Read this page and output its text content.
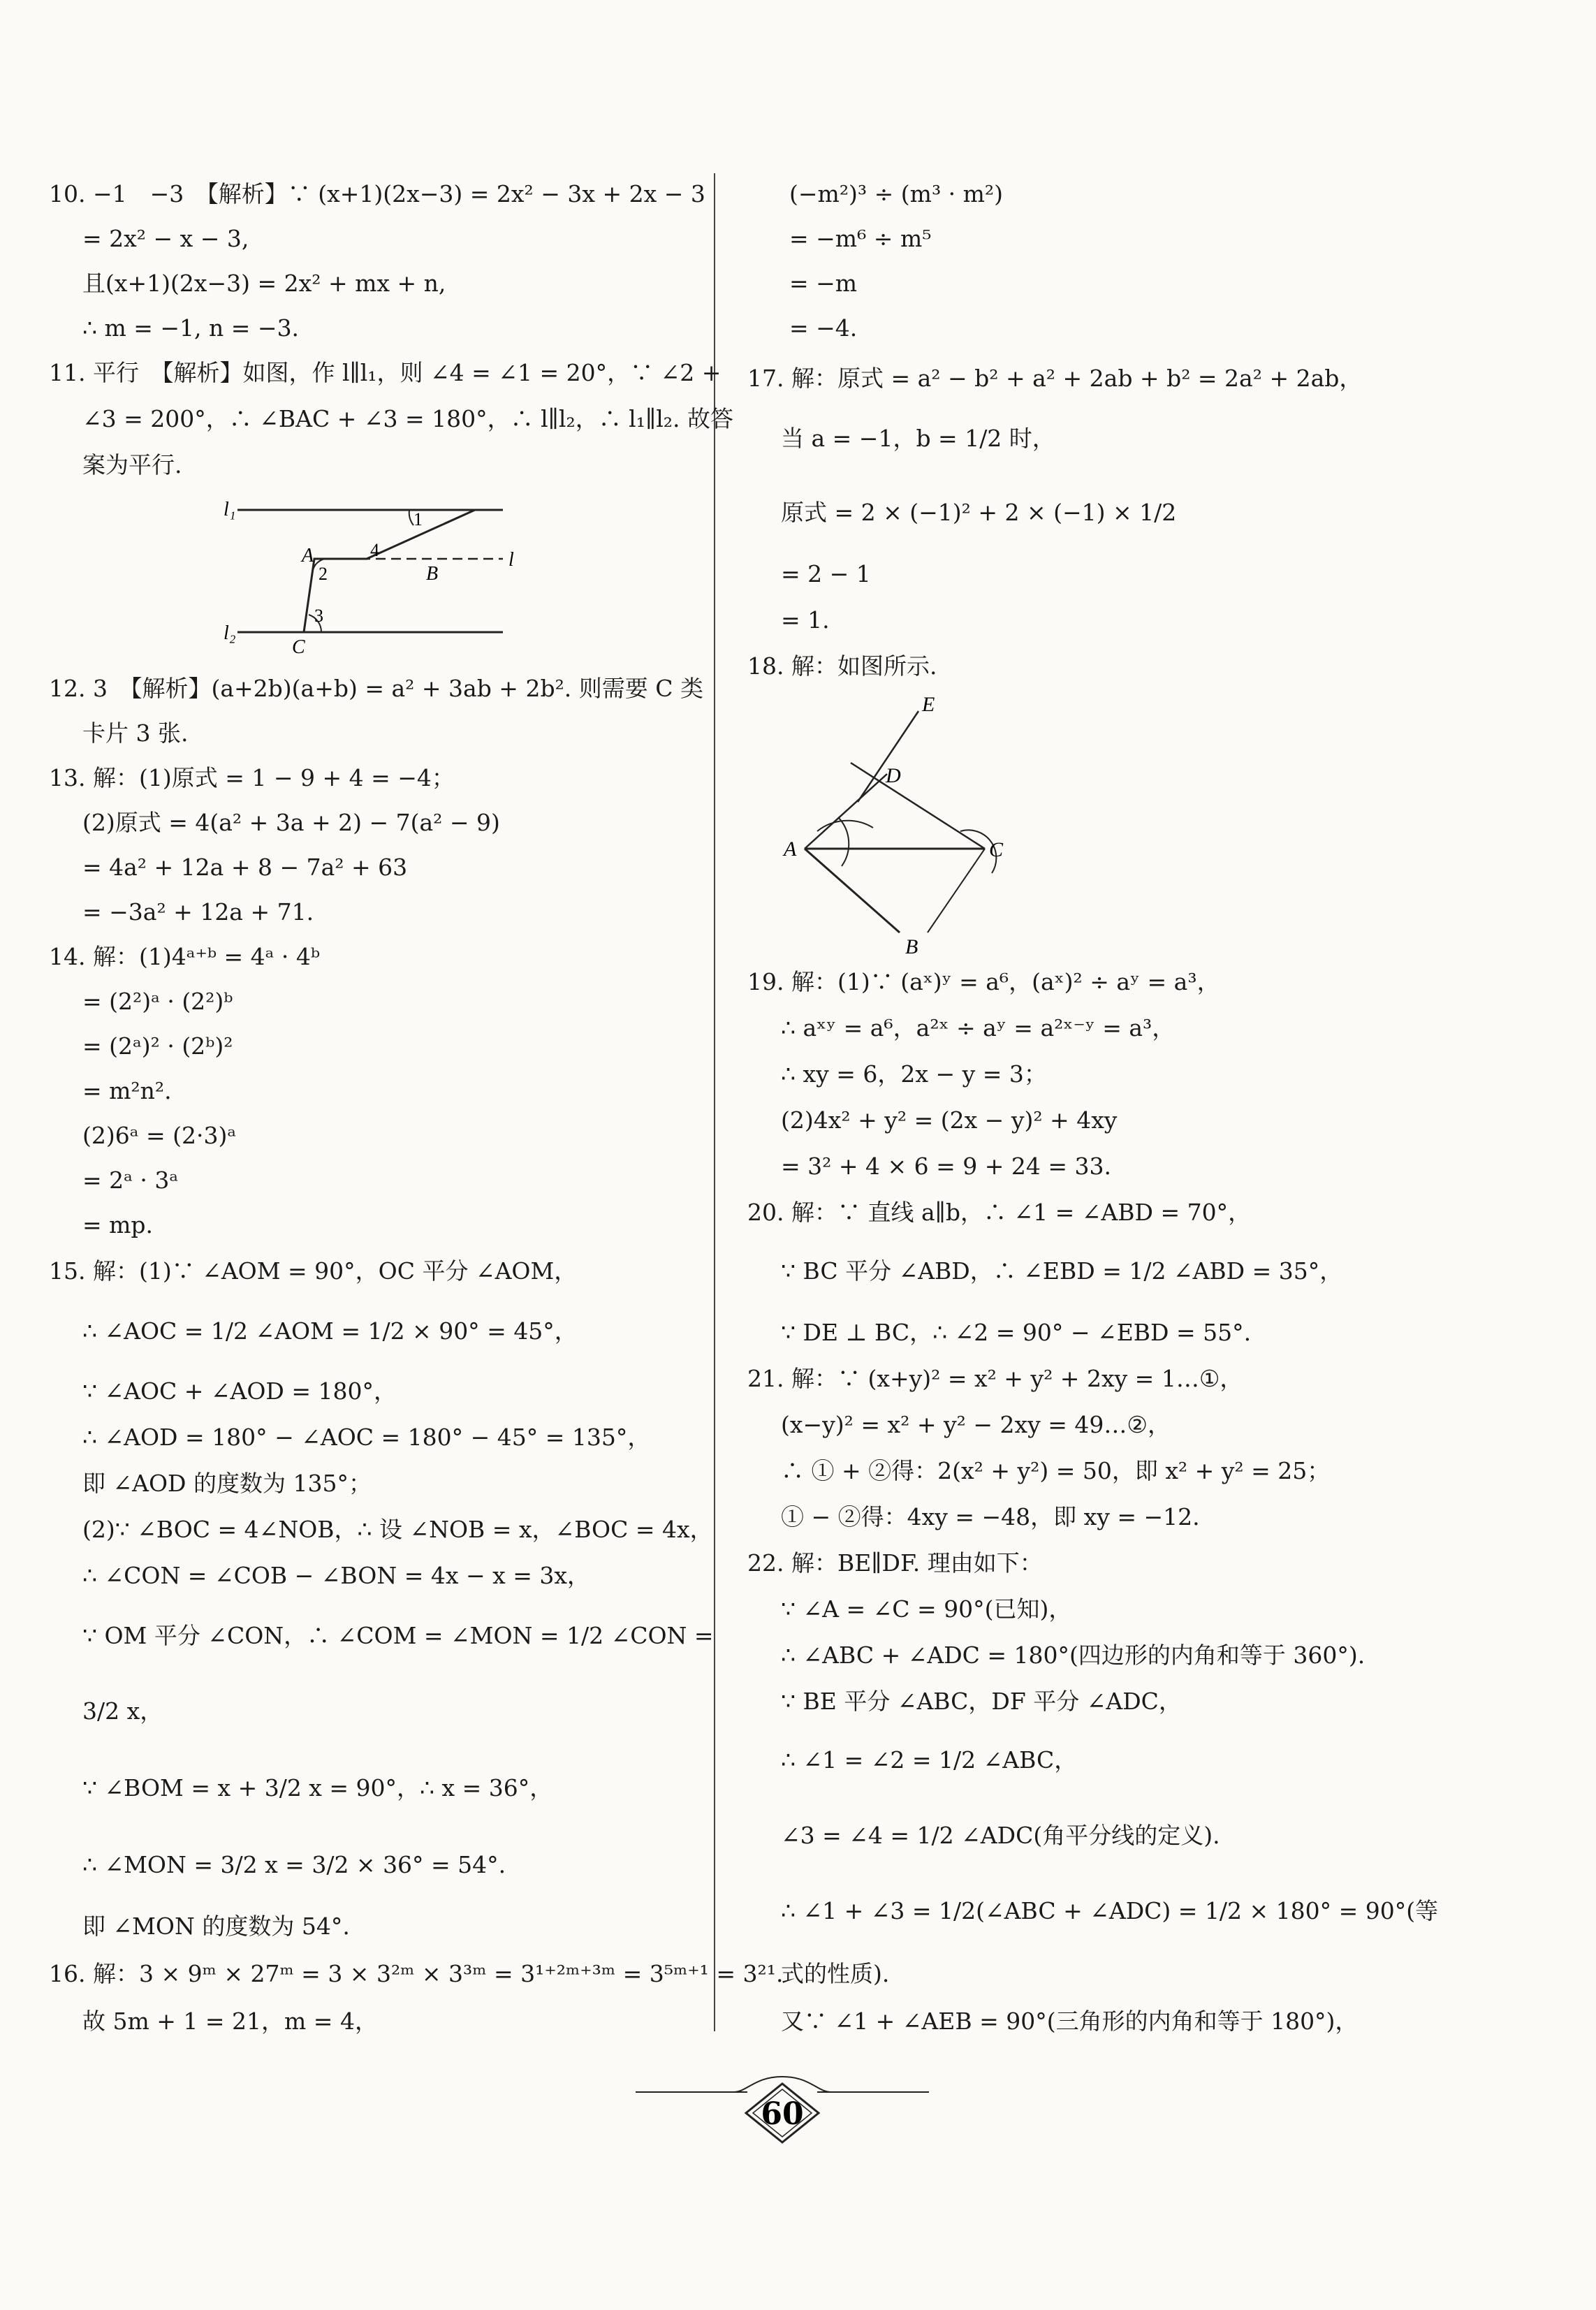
10. −1　−3　【解析】∵ (x+1)(2x−3) = 2x² − 3x + 2x − 3
= 2x² − x − 3,
且(x+1)(2x−3) = 2x² + mx + n,
∴ m = −1, n = −3.
11. 平行　【解析】如图，作 l∥l₁，则 ∠4 = ∠1 = 20°，∵ ∠2 +
∠3 = 200°，∴ ∠BAC + ∠3 = 180°，∴ l∥l₂，∴ l₁∥l₂. 故答
案为平行.
l₁
l₂
l
A
B
C
1
2
3
4
12. 3　【解析】(a+2b)(a+b) = a² + 3ab + 2b². 则需要 C 类
卡片 3 张.
13. 解：(1)原式 = 1 − 9 + 4 = −4；
(2)原式 = 4(a² + 3a + 2) − 7(a² − 9)
= 4a² + 12a + 8 − 7a² + 63
= −3a² + 12a + 71.
14. 解：(1)4ᵃ⁺ᵇ = 4ᵃ · 4ᵇ
= (2²)ᵃ · (2²)ᵇ
= (2ᵃ)² · (2ᵇ)²
= m²n².
(2)6ᵃ = (2·3)ᵃ
= 2ᵃ · 3ᵃ
= mp.
15. 解：(1)∵ ∠AOM = 90°，OC 平分 ∠AOM，
∴ ∠AOC = 1/2 ∠AOM = 1/2 × 90° = 45°，
∵ ∠AOC + ∠AOD = 180°，
∴ ∠AOD = 180° − ∠AOC = 180° − 45° = 135°，
即 ∠AOD 的度数为 135°；
(2)∵ ∠BOC = 4∠NOB，∴ 设 ∠NOB = x，∠BOC = 4x，
∴ ∠CON = ∠COB − ∠BON = 4x − x = 3x，
∵ OM 平分 ∠CON，∴ ∠COM = ∠MON = 1/2 ∠CON =
3/2 x，
∵ ∠BOM = x + 3/2 x = 90°，∴ x = 36°，
∴ ∠MON = 3/2 x = 3/2 × 36° = 54°.
即 ∠MON 的度数为 54°.
16. 解：3 × 9ᵐ × 27ᵐ = 3 × 3²ᵐ × 3³ᵐ = 3¹⁺²ᵐ⁺³ᵐ = 3⁵ᵐ⁺¹ = 3²¹.
故 5m + 1 = 21，m = 4，
(−m²)³ ÷ (m³ · m²)
= −m⁶ ÷ m⁵
= −m
= −4.
17. 解：原式 = a² − b² + a² + 2ab + b² = 2a² + 2ab，
当 a = −1，b = 1/2 时，
原式 = 2 × (−1)² + 2 × (−1) × 1/2
= 2 − 1
= 1.
18. 解：如图所示.
E
D
A	C
B
19. 解：(1)∵ (aˣ)ʸ = a⁶，(aˣ)² ÷ aʸ = a³，
∴ aˣʸ = a⁶，a²ˣ ÷ aʸ = a²ˣ⁻ʸ = a³，
∴ xy = 6，2x − y = 3；
(2)4x² + y² = (2x − y)² + 4xy
= 3² + 4 × 6 = 9 + 24 = 33.
20. 解：∵ 直线 a∥b，∴ ∠1 = ∠ABD = 70°，
∵ BC 平分 ∠ABD，∴ ∠EBD = 1/2 ∠ABD = 35°，
∵ DE ⊥ BC，∴ ∠2 = 90° − ∠EBD = 55°.
21. 解：∵ (x+y)² = x² + y² + 2xy = 1…①，
(x−y)² = x² + y² − 2xy = 49…②，
∴ ① + ②得：2(x² + y²) = 50，即 x² + y² = 25；
① − ②得：4xy = −48，即 xy = −12.
22. 解：BE∥DF. 理由如下：
∵ ∠A = ∠C = 90°(已知)，
∴ ∠ABC + ∠ADC = 180°(四边形的内角和等于 360°).
∵ BE 平分 ∠ABC，DF 平分 ∠ADC，
∴ ∠1 = ∠2 = 1/2 ∠ABC，
∠3 = ∠4 = 1/2 ∠ADC(角平分线的定义).
∴ ∠1 + ∠3 = 1/2(∠ABC + ∠ADC) = 1/2 × 180° = 90°(等
式的性质).
又∵ ∠1 + ∠AEB = 90°(三角形的内角和等于 180°)，
60
